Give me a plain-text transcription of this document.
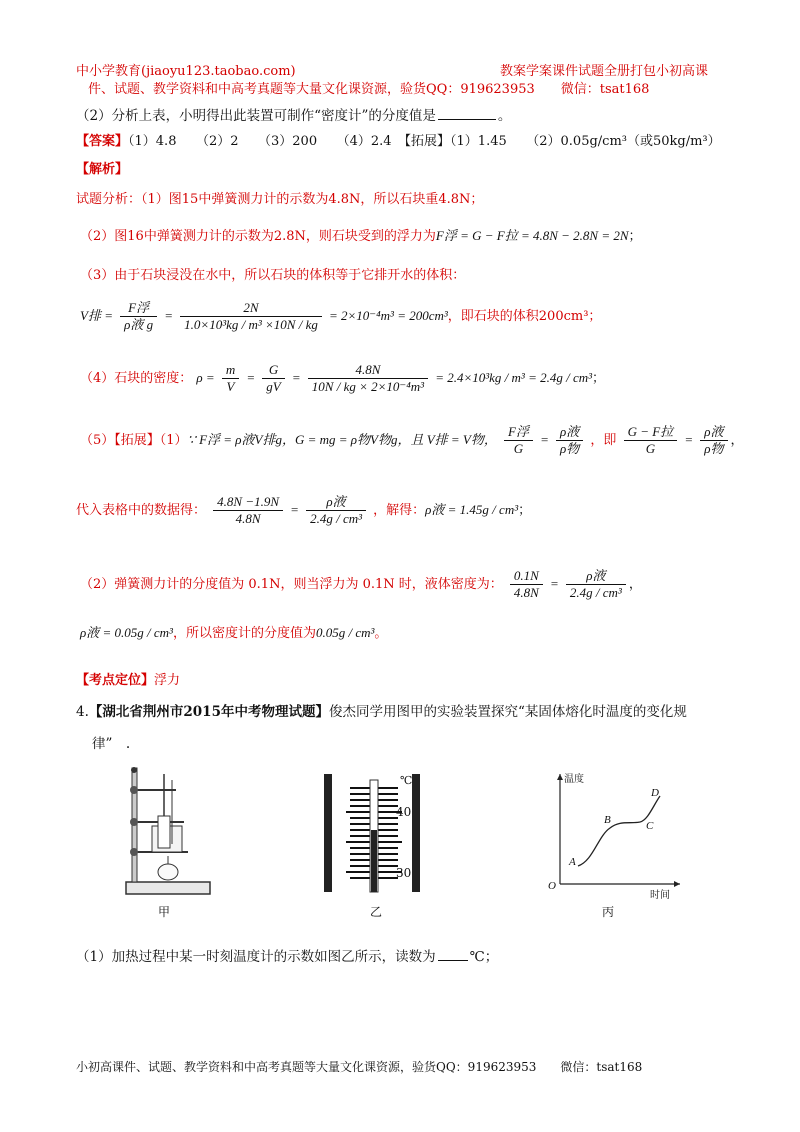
中小学教育(jiaoyu123.taobao.com)	教案学案课件试题全册打包小初高课
件、试题、教学资料和中高考真题等大量文化课资源，验货QQ：919623953　　微信：tsat168
（2）分析上表，小明得出此装置可制作“密度计”的分度值是	。
【答案】（1）4.8　　（2）2　　（3）200　　（4）2.4　【拓展】（1）1.45　　（2）0.05g/cm³（或50kg/m³）
【解析】
试题分析：（1）图15中弹簧测力计的示数为4.8N，所以石块重4.8N；
（2）图16中弹簧测力计的示数为2.8N，则石块受到的浮力为F浮 = G − F拉 = 4.8N − 2.8N = 2N；
（3）由于石块浸没在水中，所以石块的体积等于它排开水的体积：
V排 = $\frac{\text{F浮}}{\text{ρ液 g}} = \frac{2N}{\text{1.0×10³kg / m³ ×10N / kg}} = 2\times 10^{-4}m^3 = 200cm^3$，即石块的体积200cm³；
（4）石块的密度： $\rho = \frac{m}{V} = \frac{G}{gV} = \frac{4.8N}{\text{10N / kg × 2×10⁻⁴m³}} = 2.4\times 10^3kg / m^3 = 2.4g / cm^3$；
（5）【拓展】（1）∵ F浮 = ρ液V排g，G = mg = ρ物V物g，且 V排 = V物， $\frac{\text{F浮}}{G} = \frac{\text{ρ液}}{\text{ρ物}}$ ，即 $\frac{\text{G − F拉}}{G} = \frac{\text{ρ液}}{\text{ρ物}}$ ，
代入表格中的数据得： $\frac{4.8N -1.9N}{4.8N} = \frac{\text{ρ液}}{\text{2.4g / cm³}}$ ，解得：ρ液 = 1.45g / cm³；
（2）弹簧测力计的分度值为 0.1N，则当浮力为 0.1N 时，液体密度为： $\frac{0.1N}{4.8N} = \frac{\text{ρ液}}{\text{2.4g / cm³}}$ ，
ρ液 = 0.05g / cm³，所以密度计的分度值为0.05g / cm³。
【考点定位】浮力
4.【湖北省荆州市2015年中考物理试题】俊杰同学用图甲的实验装置探究“某固体熔化时温度的变化规
律”　.
甲
℃
40
30
乙
温度
时间
O
A
B	C
D
丙
（1）加热过程中某一时刻温度计的示数如图乙所示，读数为	℃；
小初高课件、试题、教学资料和中高考真题等大量文化课资源，验货QQ：919623953　　微信：tsat168
